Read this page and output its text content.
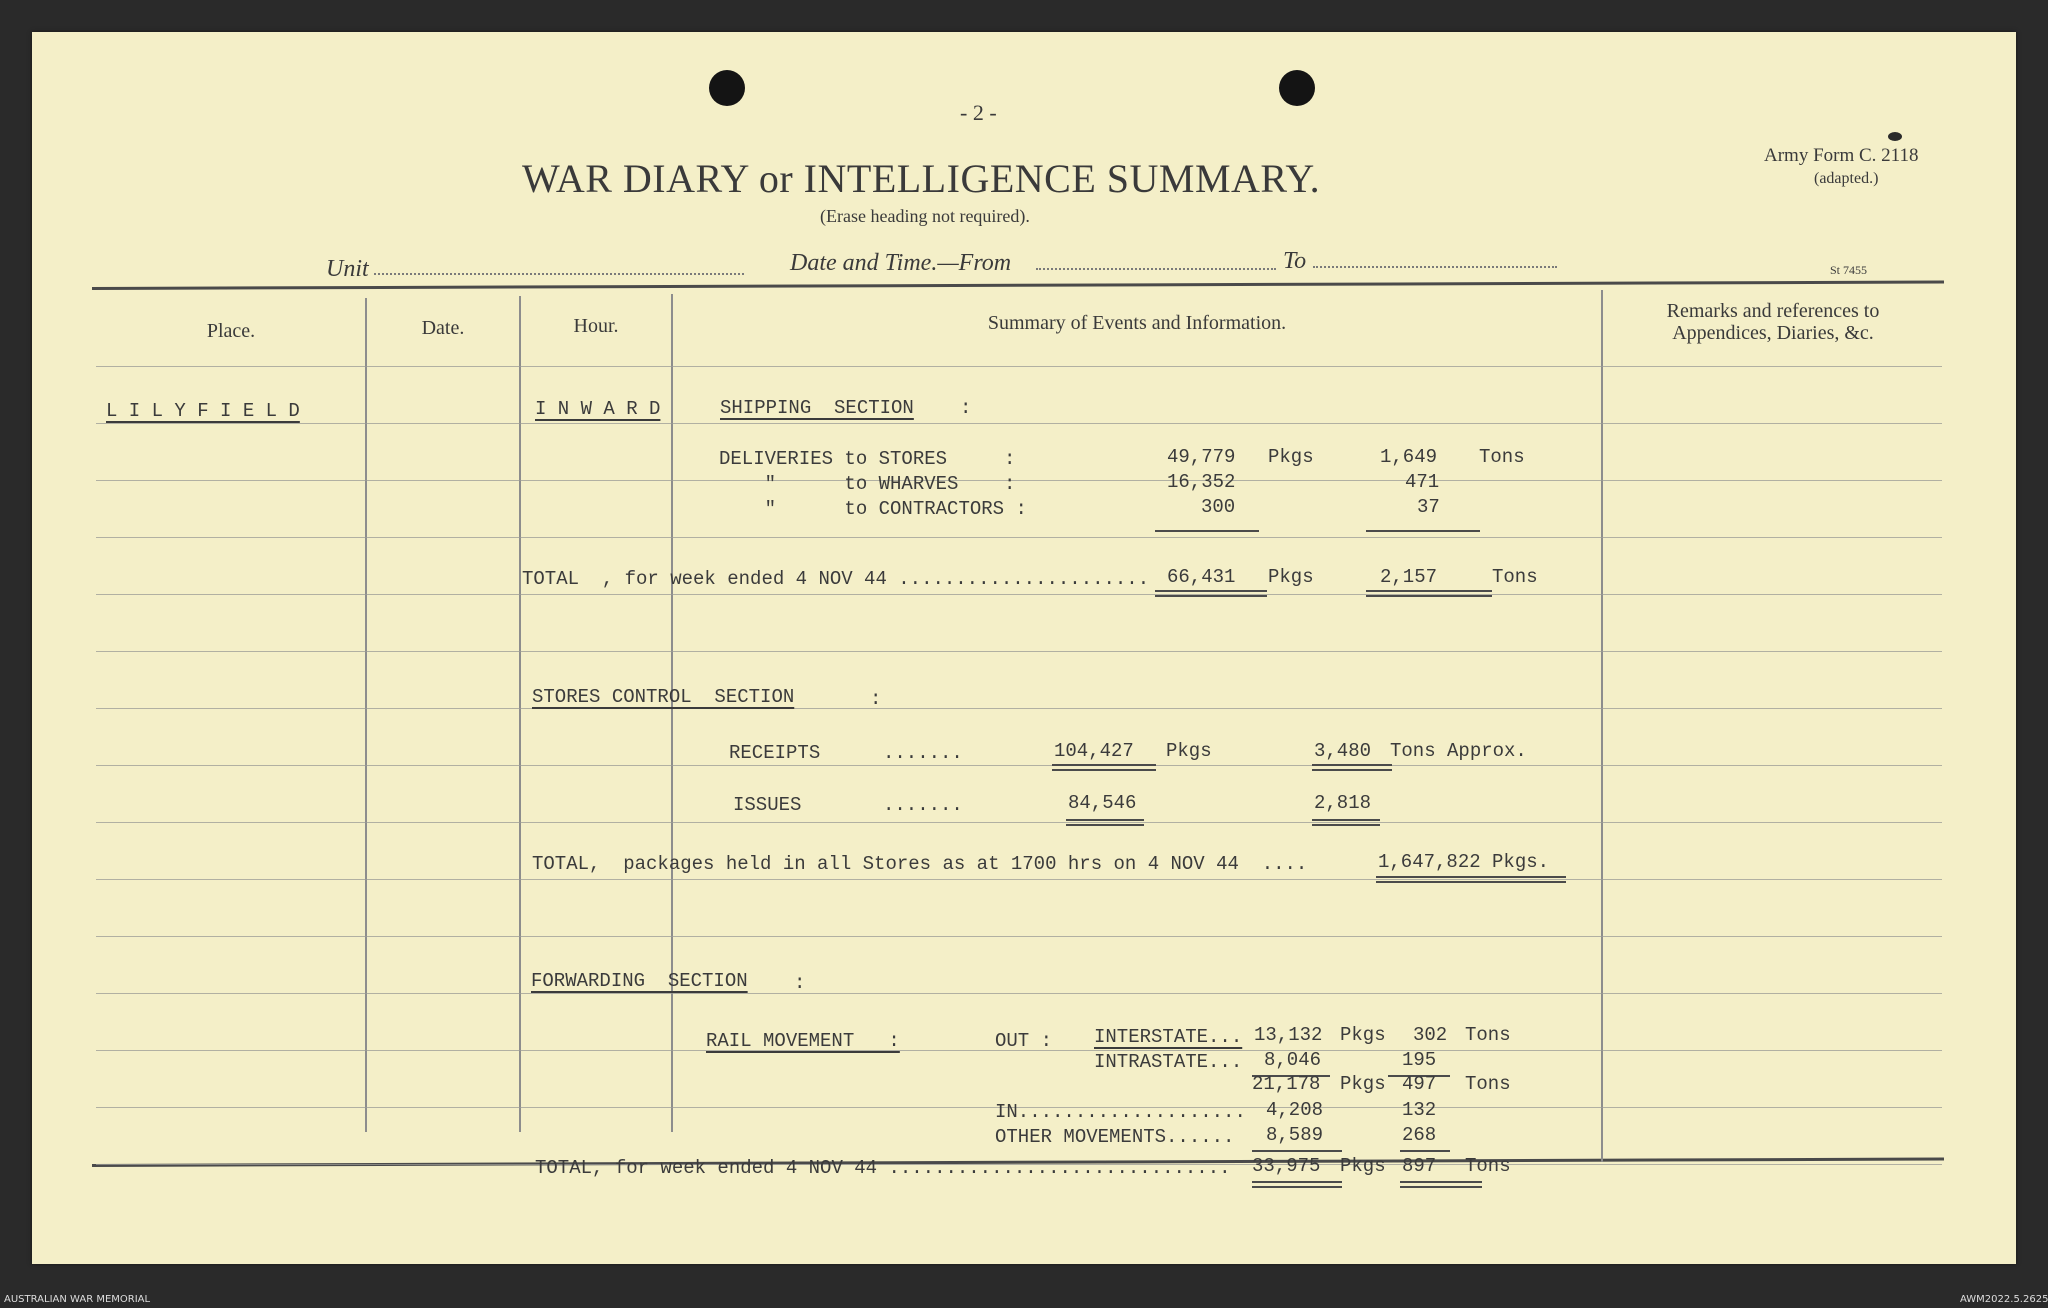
- 2 -
WAR DIARY or INTELLIGENCE SUMMARY.
(Erase heading not required).
Army Form C. 2118
(adapted.)
St 7455
Unit	Date and Time.—From	To
Place.	Date.	Hour.	Summary of Events and Information.
Remarks and references to
Appendices, Diaries, &c.
L I L Y F I E L D	I N W A R D	SHIPPING  SECTION :
DELIVERIES to STORES     :	49,779 Pkgs	1,649 Tons
"      to WHARVES    :	16,352	471
"      to CONTRACTORS :	300	37
TOTAL  , for week ended 4 NOV 44 ...................... 66,431 Pkgs	2,157	Tons
STORES CONTROL  SECTION	:
RECEIPTS	.......	104,427 Pkgs	3,480 Tons Approx.
ISSUES	.......	84,546	2,818
TOTAL,  packages held in all Stores as at 1700 hrs on 4 NOV 44  ....	1,647,822 Pkgs.
FORWARDING  SECTION :
RAIL MOVEMENT   :	OUT : INTERSTATE... 13,132 Pkgs 302 Tons
INTRASTATE... 8,046	195
21,178 Pkgs 497 Tons
IN.................... 4,208	132
OTHER MOVEMENTS...... 8,589	268
TOTAL, for week ended 4 NOV 44 .............................. 33,975 Pkgs 897 Tons
AUSTRALIAN WAR MEMORIAL	AWM2022.5.2625
